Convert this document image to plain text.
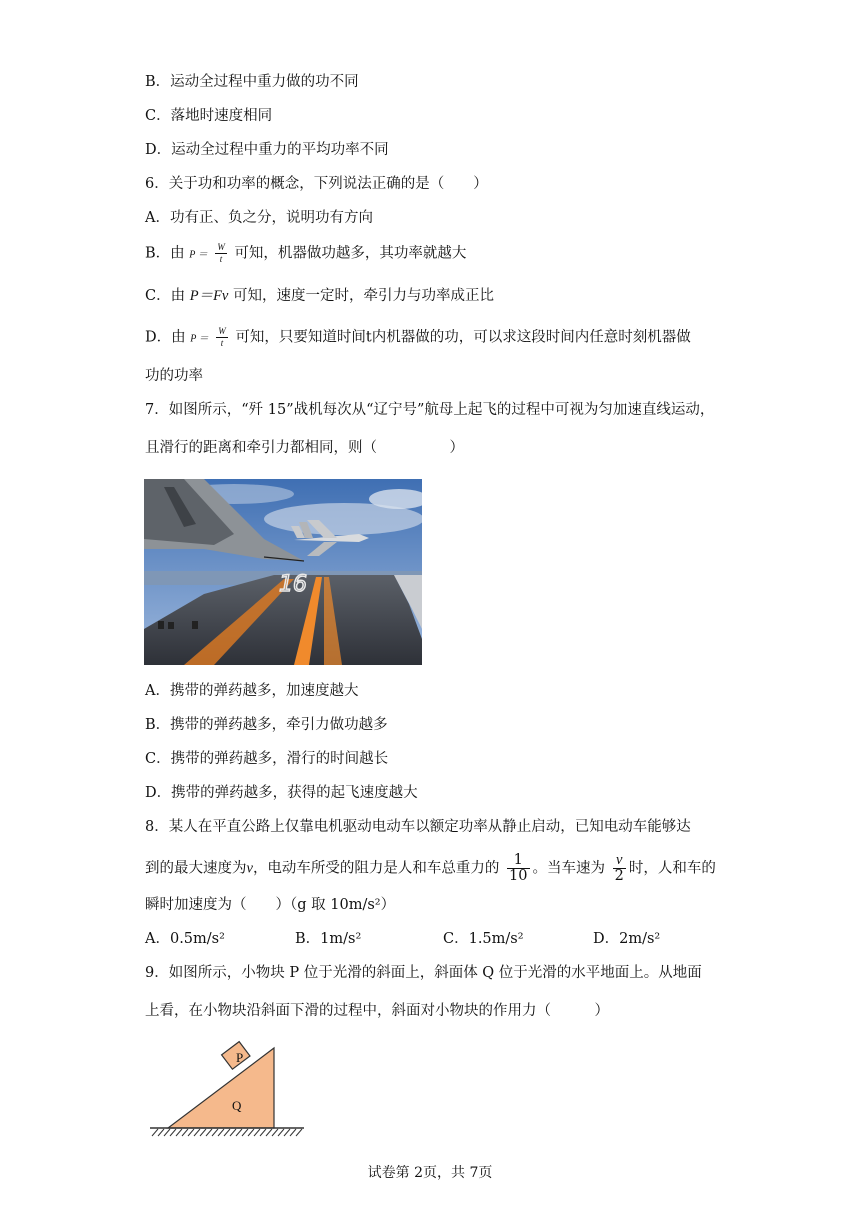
B．运动全过程中重力做的功不同
C．落地时速度相同
D．运动全过程中重力的平均功率不同
6．关于功和功率的概念，下列说法正确的是（　　）
A．功有正、负之分，说明功有方向
B．由 $P = \frac{W}{t}$ 可知，机器做功越多，其功率就越大
C．由 P＝Fv 可知，速度一定时，牵引力与功率成正比
D．由 $P = \frac{W}{t}$ 可知，只要知道时间t内机器做的功，可以求这段时间内任意时刻机器做
功的功率
7．如图所示，“歼 15”战机每次从“辽宁号”航母上起飞的过程中可视为匀加速直线运动，
且滑行的距离和牵引力都相同，则（　　　　　）
16
A．携带的弹药越多，加速度越大
B．携带的弹药越多，牵引力做功越多
C．携带的弹药越多，滑行的时间越长
D．携带的弹药越多，获得的起飞速度越大
8．某人在平直公路上仅靠电机驱动电动车以额定功率从静止启动，已知电动车能够达
到的最大速度为v，电动车所受的阻力是人和车总重力的 $\frac{1}{10}$ 。当车速为 $\frac{v}{2}$ 时，人和车的
瞬时加速度为（　　）（g 取 10m/s²）
A．0.5m/s²	B．1m/s²	C．1.5m/s²	D．2m/s²
9．如图所示，小物块 P 位于光滑的斜面上，斜面体 Q 位于光滑的水平地面上。从地面
上看，在小物块沿斜面下滑的过程中，斜面对小物块的作用力（　　　）
P
Q
试卷第 2页，共 7页
